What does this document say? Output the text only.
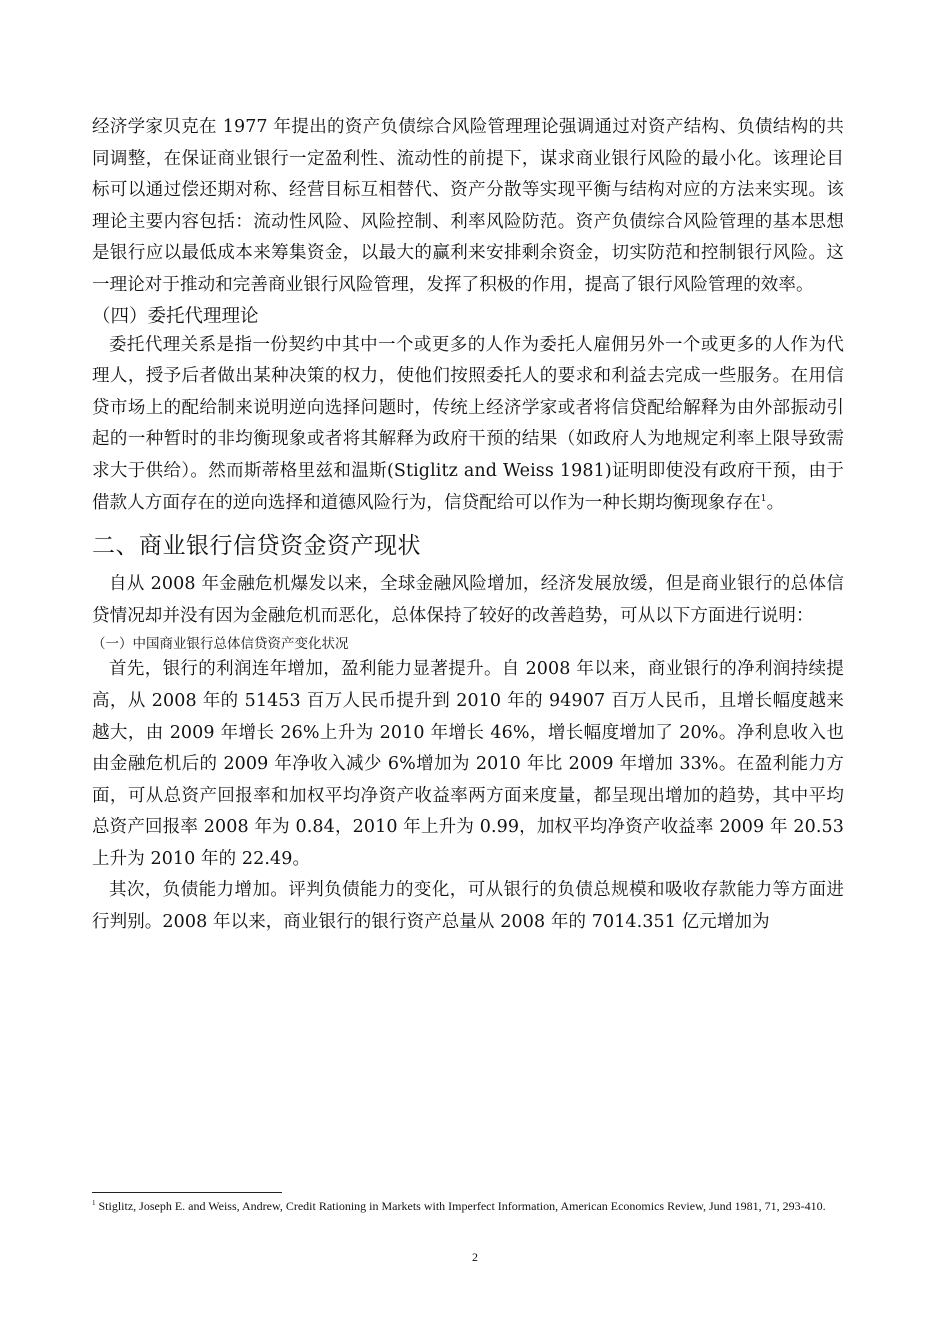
经济学家贝克在 1977 年提出的资产负债综合风险管理理论强调通过对资产结构、负债结构的共同调整，在保证商业银行一定盈利性、流动性的前提下，谋求商业银行风险的最小化。该理论目标可以通过偿还期对称、经营目标互相替代、资产分散等实现平衡与结构对应的方法来实现。该理论主要内容包括：流动性风险、风险控制、利率风险防范。资产负债综合风险管理的基本思想是银行应以最低成本来筹集资金，以最大的赢利来安排剩余资金，切实防范和控制银行风险。这一理论对于推动和完善商业银行风险管理，发挥了积极的作用，提高了银行风险管理的效率。

（四）委托代理理论

委托代理关系是指一份契约中其中一个或更多的人作为委托人雇佣另外一个或更多的人作为代理人，授予后者做出某种决策的权力，使他们按照委托人的要求和利益去完成一些服务。在用信贷市场上的配给制来说明逆向选择问题时，传统上经济学家或者将信贷配给解释为由外部振动引起的一种暂时的非均衡现象或者将其解释为政府干预的结果（如政府人为地规定利率上限导致需求大于供给）。然而斯蒂格里兹和温斯(Stiglitz and Weiss 1981)证明即使没有政府干预，由于借款人方面存在的逆向选择和道德风险行为，信贷配给可以作为一种长期均衡现象存在$^1$。

二、商业银行信贷资金资产现状

自从 2008 年金融危机爆发以来，全球金融风险增加，经济发展放缓，但是商业银行的总体信贷情况却并没有因为金融危机而恶化，总体保持了较好的改善趋势，可从以下方面进行说明：

（一）中国商业银行总体信贷资产变化状况

首先，银行的利润连年增加，盈利能力显著提升。自 2008 年以来，商业银行的净利润持续提高，从 2008 年的 51453 百万人民币提升到 2010 年的 94907 百万人民币，且增长幅度越来越大，由 2009 年增长 26%上升为 2010 年增长 46%，增长幅度增加了 20%。净利息收入也由金融危机后的 2009 年净收入减少 6%增加为 2010 年比 2009 年增加 33%。在盈利能力方面，可从总资产回报率和加权平均净资产收益率两方面来度量，都呈现出增加的趋势，其中平均总资产回报率 2008 年为 0.84，2010 年上升为 0.99，加权平均净资产收益率 2009 年 20.53 上升为 2010 年的 22.49。

其次，负债能力增加。评判负债能力的变化，可从银行的负债总规模和吸收存款能力等方面进行判别。2008 年以来，商业银行的银行资产总量从 2008 年的 7014.351 亿元增加为

$^1$ Stiglitz, Joseph E. and Weiss, Andrew, Credit Rationing in Markets with Imperfect Information, American Economics Review, Jund 1981, 71, 293-410.

2
